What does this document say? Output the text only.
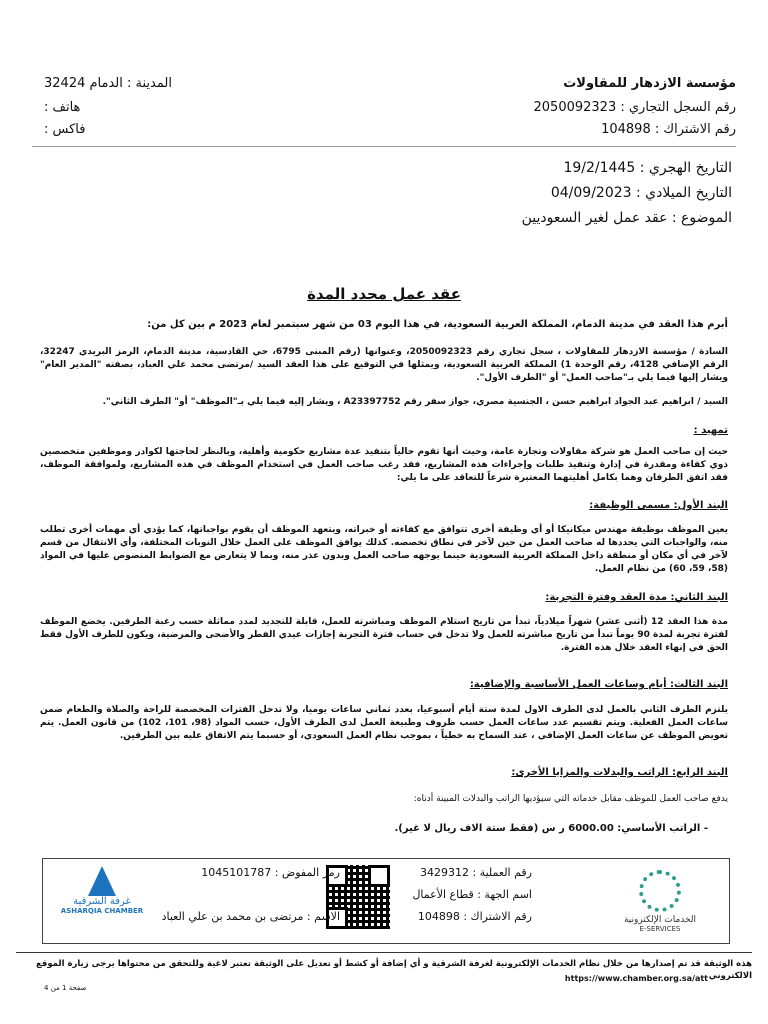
مؤسسة الازدهار للمقاولات
رقم السجل التجاري : 2050092323
رقم الاشتراك : 104898
المدينة : الدمام 32424
هاتف :
فاكس :
التاريخ الهجري : 19/2/1445
التاريخ الميلادي : 04/09/2023
الموضوع : عقد عمل لغير السعوديين
عقد عمل محدد المدة
أبرم هذا العقد في مدينة الدمام، المملكة العربية السعودية، في هذا اليوم 03 من شهر سبتمبر لعام 2023 م بين كل من:
السادة / مؤسسة الازدهار للمقاولات ، سجل تجاري رقم 2050092323، وعنوانها (رقم المبنى 6795، حي القادسية، مدينة الدمام، الرمز البريدي 32247، الرقم الإضافي 4128، رقم الوحدة 1) المملكة العربية السعودية، ويمثلها في التوقيع على هذا العقد السيد /مرتضى محمد علي العباد، بصفته "المدير العام" ويشار إليها فيما يلي بـ"صاحب العمل" أو "الطرف الأول".
السيد / ابراهيم عبد الجواد ابراهيم حسن ، الجنسية مصري، جواز سفر رقم A23397752 ، ويشار إليه فيما يلي بـ"الموظف" أو" الطرف الثاني".
تمهيد :
حيث إن صاحب العمل هو شركة مقاولات وتجارة عامة، وحيث أنها تقوم حالياً بتنفيذ عدة مشاريع حكومية وأهلية، وبالنظر لحاجتها لكوادر وموظفين متخصصين ذوي كفاءة ومقدرة في إدارة وتنفيذ طلبات وإجراءات هذه المشاريع، فقد رغب صاحب العمل في استخدام الموظف في هذه المشاريع، ولموافقة الموظف، فقد اتفق الطرفان وهما بكامل أهليتهما المعتبرة شرعاً للتعاقد على ما يلي:
البند الأول: مسمى الوظيفة:
يعين الموظف بوظيفة مهندس ميكانيكا أو أي وظيفة أخرى تتوافق مع كفاءته أو خبراته، ويتعهد الموظف أن يقوم بواجباتها، كما يؤدي أي مهمات أخرى تطلب منه، والواجبات التي يحددها له صاحب العمل من حين لآخر في نطاق تخصصه. كذلك يوافق الموظف على العمل خلال النوبات المختلفة، وأي الانتقال من قسم لآخر في أي مكان أو منطقة داخل المملكة العربية السعودية حينما يوجهه صاحب العمل وبدون عذر منه، وبما لا يتعارض مع الضوابط المنصوص عليها في المواد (58، 59، 60) من نظام العمل.
البند الثاني: مدة العقد وفترة التجربة:
مدة هذا العقد 12 (أثنى عشر) شهراً ميلادياً، تبدأ من تاريخ استلام الموظف ومباشرته للعمل، قابلة للتجديد لمدد مماثلة حسب رغبة الطرفين. يخضع الموظف لفترة تجربة لمدة 90 يوماً تبدأ من تاريخ مباشرته للعمل ولا تدخل في حساب فترة التجربة إجازات عيدي الفطر والأضحى والمرضية، ويكون للطرف الأول فقط الحق في إنهاء العقد خلال هذه الفترة.
البند الثالث: أيام وساعات العمل الأساسية والإضافية:
يلتزم الطرف الثاني بالعمل لدى الطرف الاول لمدة ستة أيام أسبوعيا، بعدد ثماني ساعات يوميا، ولا تدخل الفترات المخصصة للراحة والصلاة والطعام ضمن ساعات العمل الفعلية. ويتم تقسيم عدد ساعات العمل حسب ظروف وطبيعة العمل لدى الطرف الأول، حسب المواد (98، 101، 102) من قانون العمل. يتم تعويض الموظف عن ساعات العمل الإضافي ، عند السماح به خطياً ، بموجب نظام العمل السعودي، أو حسبما يتم الاتفاق عليه بين الطرفين.
البند الرابع: الراتب والبدلات والمزايا الأخرى:
يدفع صاحب العمل للموظف مقابل خدماته التي سيؤديها الراتب والبدلات المبينة أدناه:
- الراتب الأساسي: 6000.00 ر س (فقط ستة الاف ريال لا غير).
الخدمات الإلكترونية
E-SERVICES
رقم العملية : 3429312
اسم الجهة : قطاع الأعمال
رقم الاشتراك : 104898
رمز المفوض : 1045101787
الاسم : مرتضى بن محمد بن علي العباد
غرفة الشرقية
ASHARQIA CHAMBER
هذه الوثيقة قد تم إصدارها من خلال نظام الخدمات الإلكترونية لغرفة الشرقية و أي إضافة أو كشط أو تعديل على الوثيقة تعتبر لاغية وللتحقق من محتواها يرجى زيارة الموقع الالكتروني
https://www.chamber.org.sa/att
صفحة 1 من 4
